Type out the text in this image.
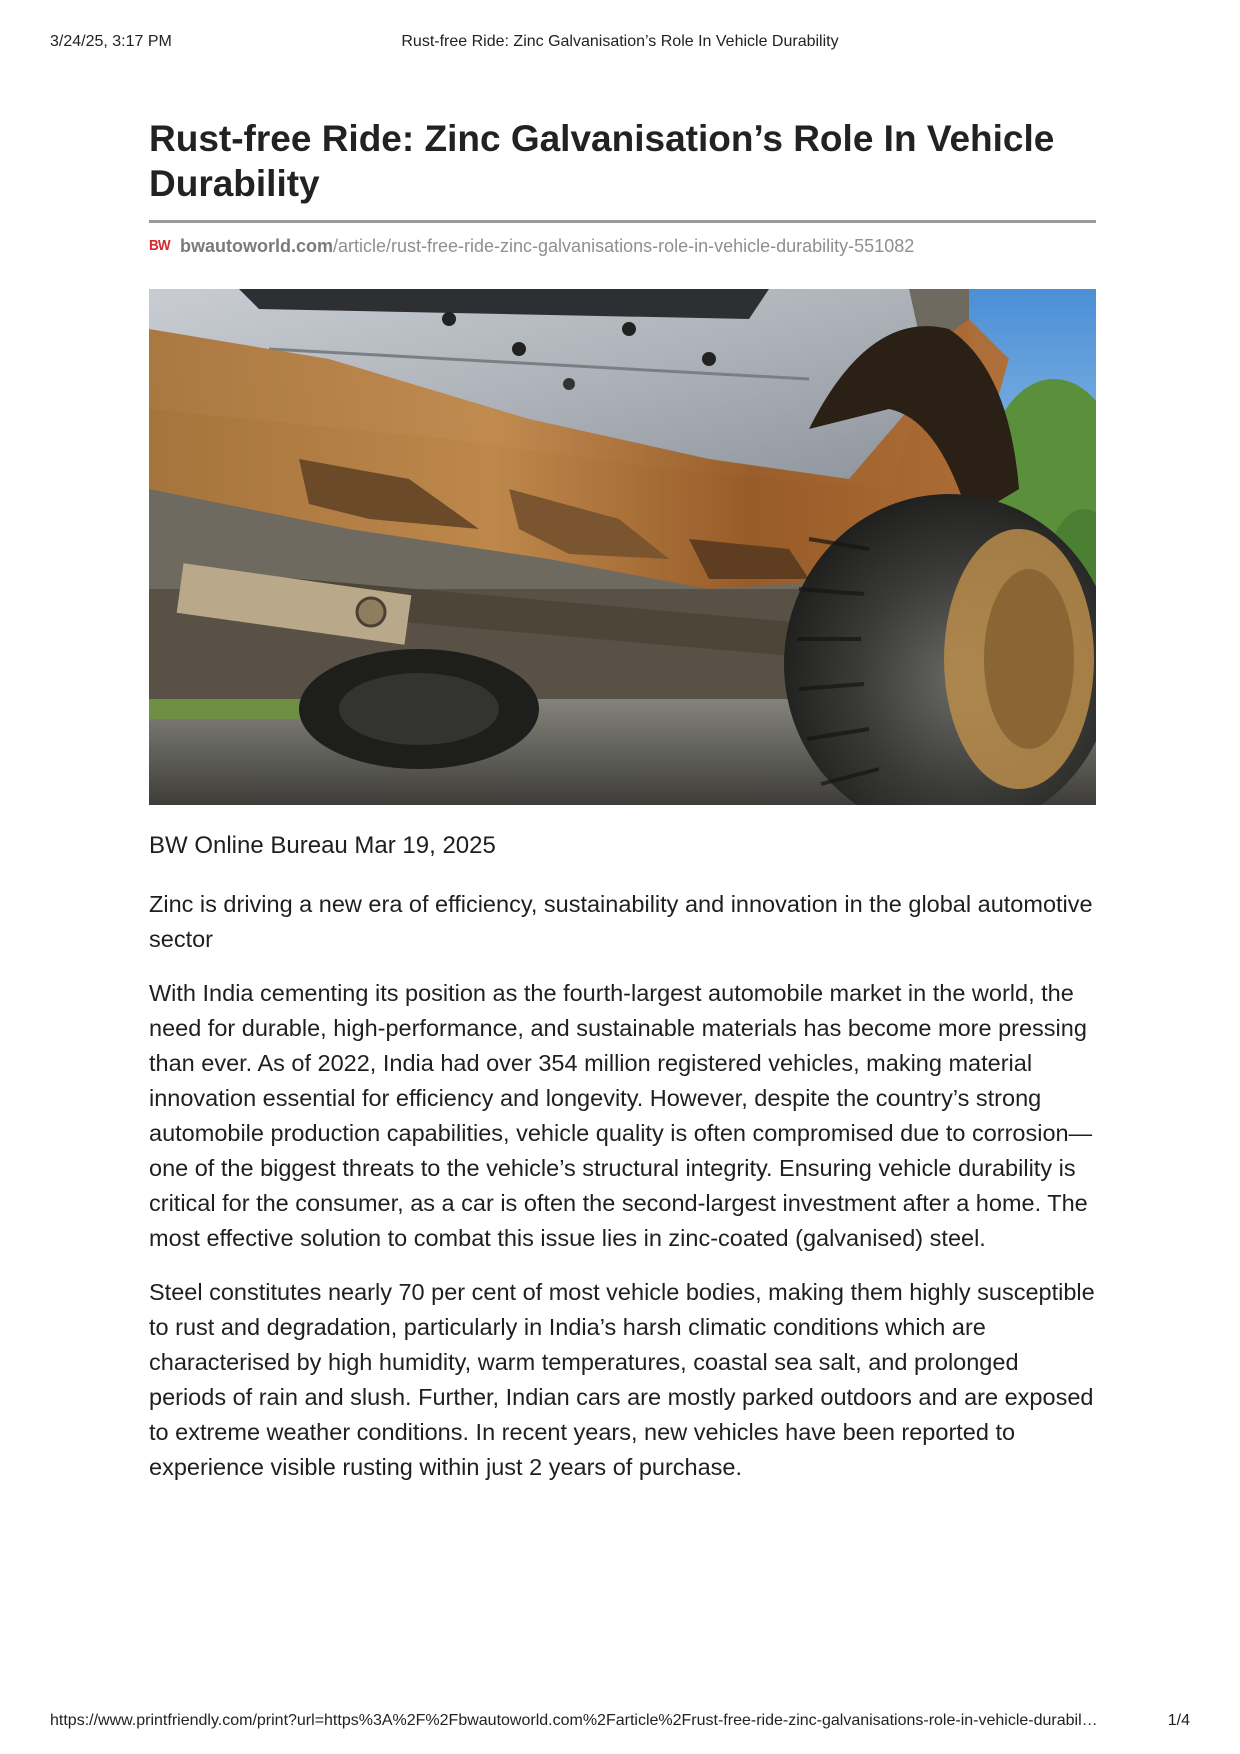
3/24/25, 3:17 PM	Rust-free Ride: Zinc Galvanisation’s Role In Vehicle Durability
Rust-free Ride: Zinc Galvanisation’s Role In Vehicle Durability
BW bwautoworld.com /article/rust-free-ride-zinc-galvanisations-role-in-vehicle-durability-551082

BW Online Bureau Mar 19, 2025

Zinc is driving a new era of efficiency, sustainability and innovation in the global automotive sector

With India cementing its position as the fourth-largest automobile market in the world, the need for durable, high-performance, and sustainable materials has become more pressing than ever. As of 2022, India had over 354 million registered vehicles, making material innovation essential for efficiency and longevity. However, despite the country’s strong automobile production capabilities, vehicle quality is often compromised due to corrosion—one of the biggest threats to the vehicle’s structural integrity. Ensuring vehicle durability is critical for the consumer, as a car is often the second-largest investment after a home. The most effective solution to combat this issue lies in zinc-coated (galvanised) steel.

Steel constitutes nearly 70 per cent of most vehicle bodies, making them highly susceptible to rust and degradation, particularly in India’s harsh climatic conditions which are characterised by high humidity, warm temperatures, coastal sea salt, and prolonged periods of rain and slush. Further, Indian cars are mostly parked outdoors and are exposed to extreme weather conditions. In recent years, new vehicles have been reported to experience visible rusting within just 2 years of purchase.

https://www.printfriendly.com/print?url=https%3A%2F%2Fbwautoworld.com%2Farticle%2Frust-free-ride-zinc-galvanisations-role-in-vehicle-durabil…	1/4
